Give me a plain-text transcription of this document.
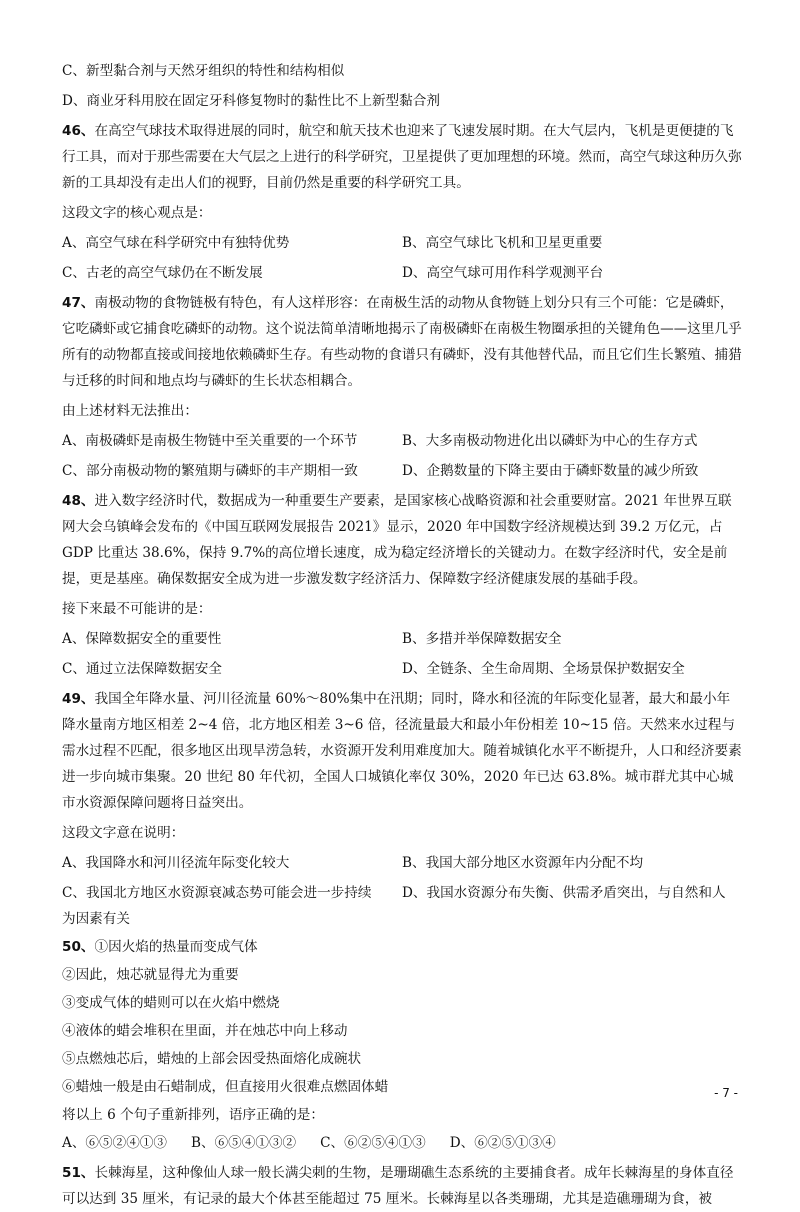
C、新型黏合剂与天然牙组织的特性和结构相似

D、商业牙科用胶在固定牙科修复物时的黏性比不上新型黏合剂

46、在高空气球技术取得进展的同时，航空和航天技术也迎来了飞速发展时期。在大气层内，飞机是更便捷的飞行工具，而对于那些需要在大气层之上进行的科学研究，卫星提供了更加理想的环境。然而，高空气球这种历久弥新的工具却没有走出人们的视野，目前仍然是重要的科学研究工具。

这段文字的核心观点是：

A、高空气球在科学研究中有独特优势	B、高空气球比飞机和卫星更重要
C、古老的高空气球仍在不断发展	D、高空气球可用作科学观测平台

47、南极动物的食物链极有特色，有人这样形容：在南极生活的动物从食物链上划分只有三个可能：它是磷虾，它吃磷虾或它捕食吃磷虾的动物。这个说法简单清晰地揭示了南极磷虾在南极生物圈承担的关键角色——这里几乎所有的动物都直接或间接地依赖磷虾生存。有些动物的食谱只有磷虾，没有其他替代品，而且它们生长繁殖、捕猎与迁移的时间和地点均与磷虾的生长状态相耦合。

由上述材料无法推出：

A、南极磷虾是南极生物链中至关重要的一个环节	B、大多南极动物进化出以磷虾为中心的生存方式
C、部分南极动物的繁殖期与磷虾的丰产期相一致	D、企鹅数量的下降主要由于磷虾数量的减少所致

48、进入数字经济时代，数据成为一种重要生产要素，是国家核心战略资源和社会重要财富。2021 年世界互联网大会乌镇峰会发布的《中国互联网发展报告 2021》显示，2020 年中国数字经济规模达到 39.2 万亿元，占 GDP 比重达 38.6%，保持 9.7%的高位增长速度，成为稳定经济增长的关键动力。在数字经济时代，安全是前提，更是基座。确保数据安全成为进一步激发数字经济活力、保障数字经济健康发展的基础手段。

接下来最不可能讲的是：

A、保障数据安全的重要性	B、多措并举保障数据安全
C、通过立法保障数据安全	D、全链条、全生命周期、全场景保护数据安全

49、我国全年降水量、河川径流量 60%～80%集中在汛期；同时，降水和径流的年际变化显著，最大和最小年降水量南方地区相差 2~4 倍，北方地区相差 3~6 倍，径流量最大和最小年份相差 10~15 倍。天然来水过程与需水过程不匹配，很多地区出现旱涝急转，水资源开发利用难度加大。随着城镇化水平不断提升，人口和经济要素进一步向城市集聚。20 世纪 80 年代初，全国人口城镇化率仅 30%，2020 年已达 63.8%。城市群尤其中心城市水资源保障问题将日益突出。

这段文字意在说明：

A、我国降水和河川径流年际变化较大	B、我国大部分地区水资源年内分配不均
C、我国北方地区水资源衰减态势可能会进一步持续	D、我国水资源分布失衡、供需矛盾突出，与自然和人

为因素有关

50、①因火焰的热量而变成气体

②因此，烛芯就显得尤为重要

③变成气体的蜡则可以在火焰中燃烧

④液体的蜡会堆积在里面，并在烛芯中向上移动

⑤点燃烛芯后，蜡烛的上部会因受热面熔化成碗状

⑥蜡烛一般是由石蜡制成，但直接用火很难点燃固体蜡

将以上 6 个句子重新排列，语序正确的是：

A、⑥⑤②④①③ B、⑥⑤④①③② C、⑥②⑤④①③ D、⑥②⑤①③④

51、长棘海星，这种像仙人球一般长满尖刺的生物，是珊瑚礁生态系统的主要捕食者。成年长棘海星的身体直径可以达到 35 厘米，有记录的最大个体甚至能超过 75 厘米。长棘海星以各类珊瑚，尤其是造礁珊瑚为食，被

- 7 -
